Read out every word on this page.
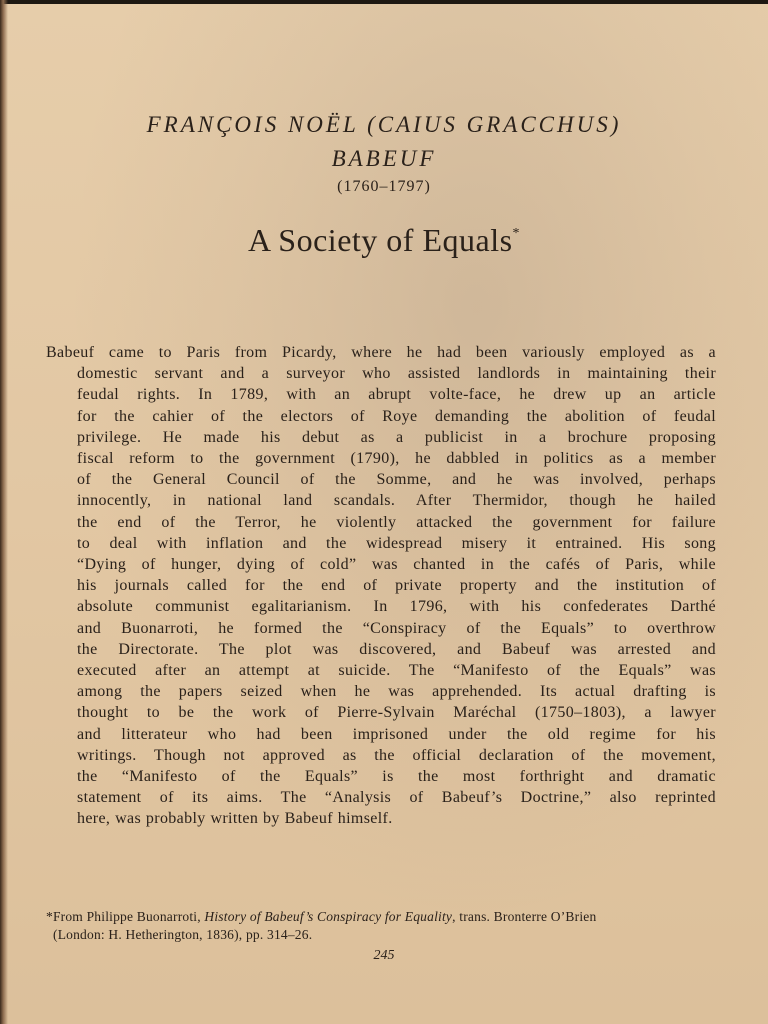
FRANÇOIS NOËL (CAIUS GRACCHUS)
BABEUF
(1760–1797)
A Society of Equals*
Babeuf came to Paris from Picardy, where he had been variously employed as a
domestic servant and a surveyor who assisted landlords in maintaining their
feudal rights. In 1789, with an abrupt volte-face, he drew up an article
for the cahier of the electors of Roye demanding the abolition of feudal
privilege. He made his debut as a publicist in a brochure proposing
fiscal reform to the government (1790), he dabbled in politics as a member
of the General Council of the Somme, and he was involved, perhaps
innocently, in national land scandals. After Thermidor, though he hailed
the end of the Terror, he violently attacked the government for failure
to deal with inflation and the widespread misery it entrained. His song
“Dying of hunger, dying of cold” was chanted in the cafés of Paris, while
his journals called for the end of private property and the institution of
absolute communist egalitarianism. In 1796, with his confederates Darthé
and Buonarroti, he formed the “Conspiracy of the Equals” to overthrow
the Directorate. The plot was discovered, and Babeuf was arrested and
executed after an attempt at suicide. The “Manifesto of the Equals” was
among the papers seized when he was apprehended. Its actual drafting is
thought to be the work of Pierre-Sylvain Maréchal (1750–1803), a lawyer
and litterateur who had been imprisoned under the old regime for his
writings. Though not approved as the official declaration of the movement,
the “Manifesto of the Equals” is the most forthright and dramatic
statement of its aims. The “Analysis of Babeuf’s Doctrine,” also reprinted
here, was probably written by Babeuf himself.
*From Philippe Buonarroti, History of Babeuf’s Conspiracy for Equality, trans. Bronterre O’Brien
(London: H. Hetherington, 1836), pp. 314–26.
245
